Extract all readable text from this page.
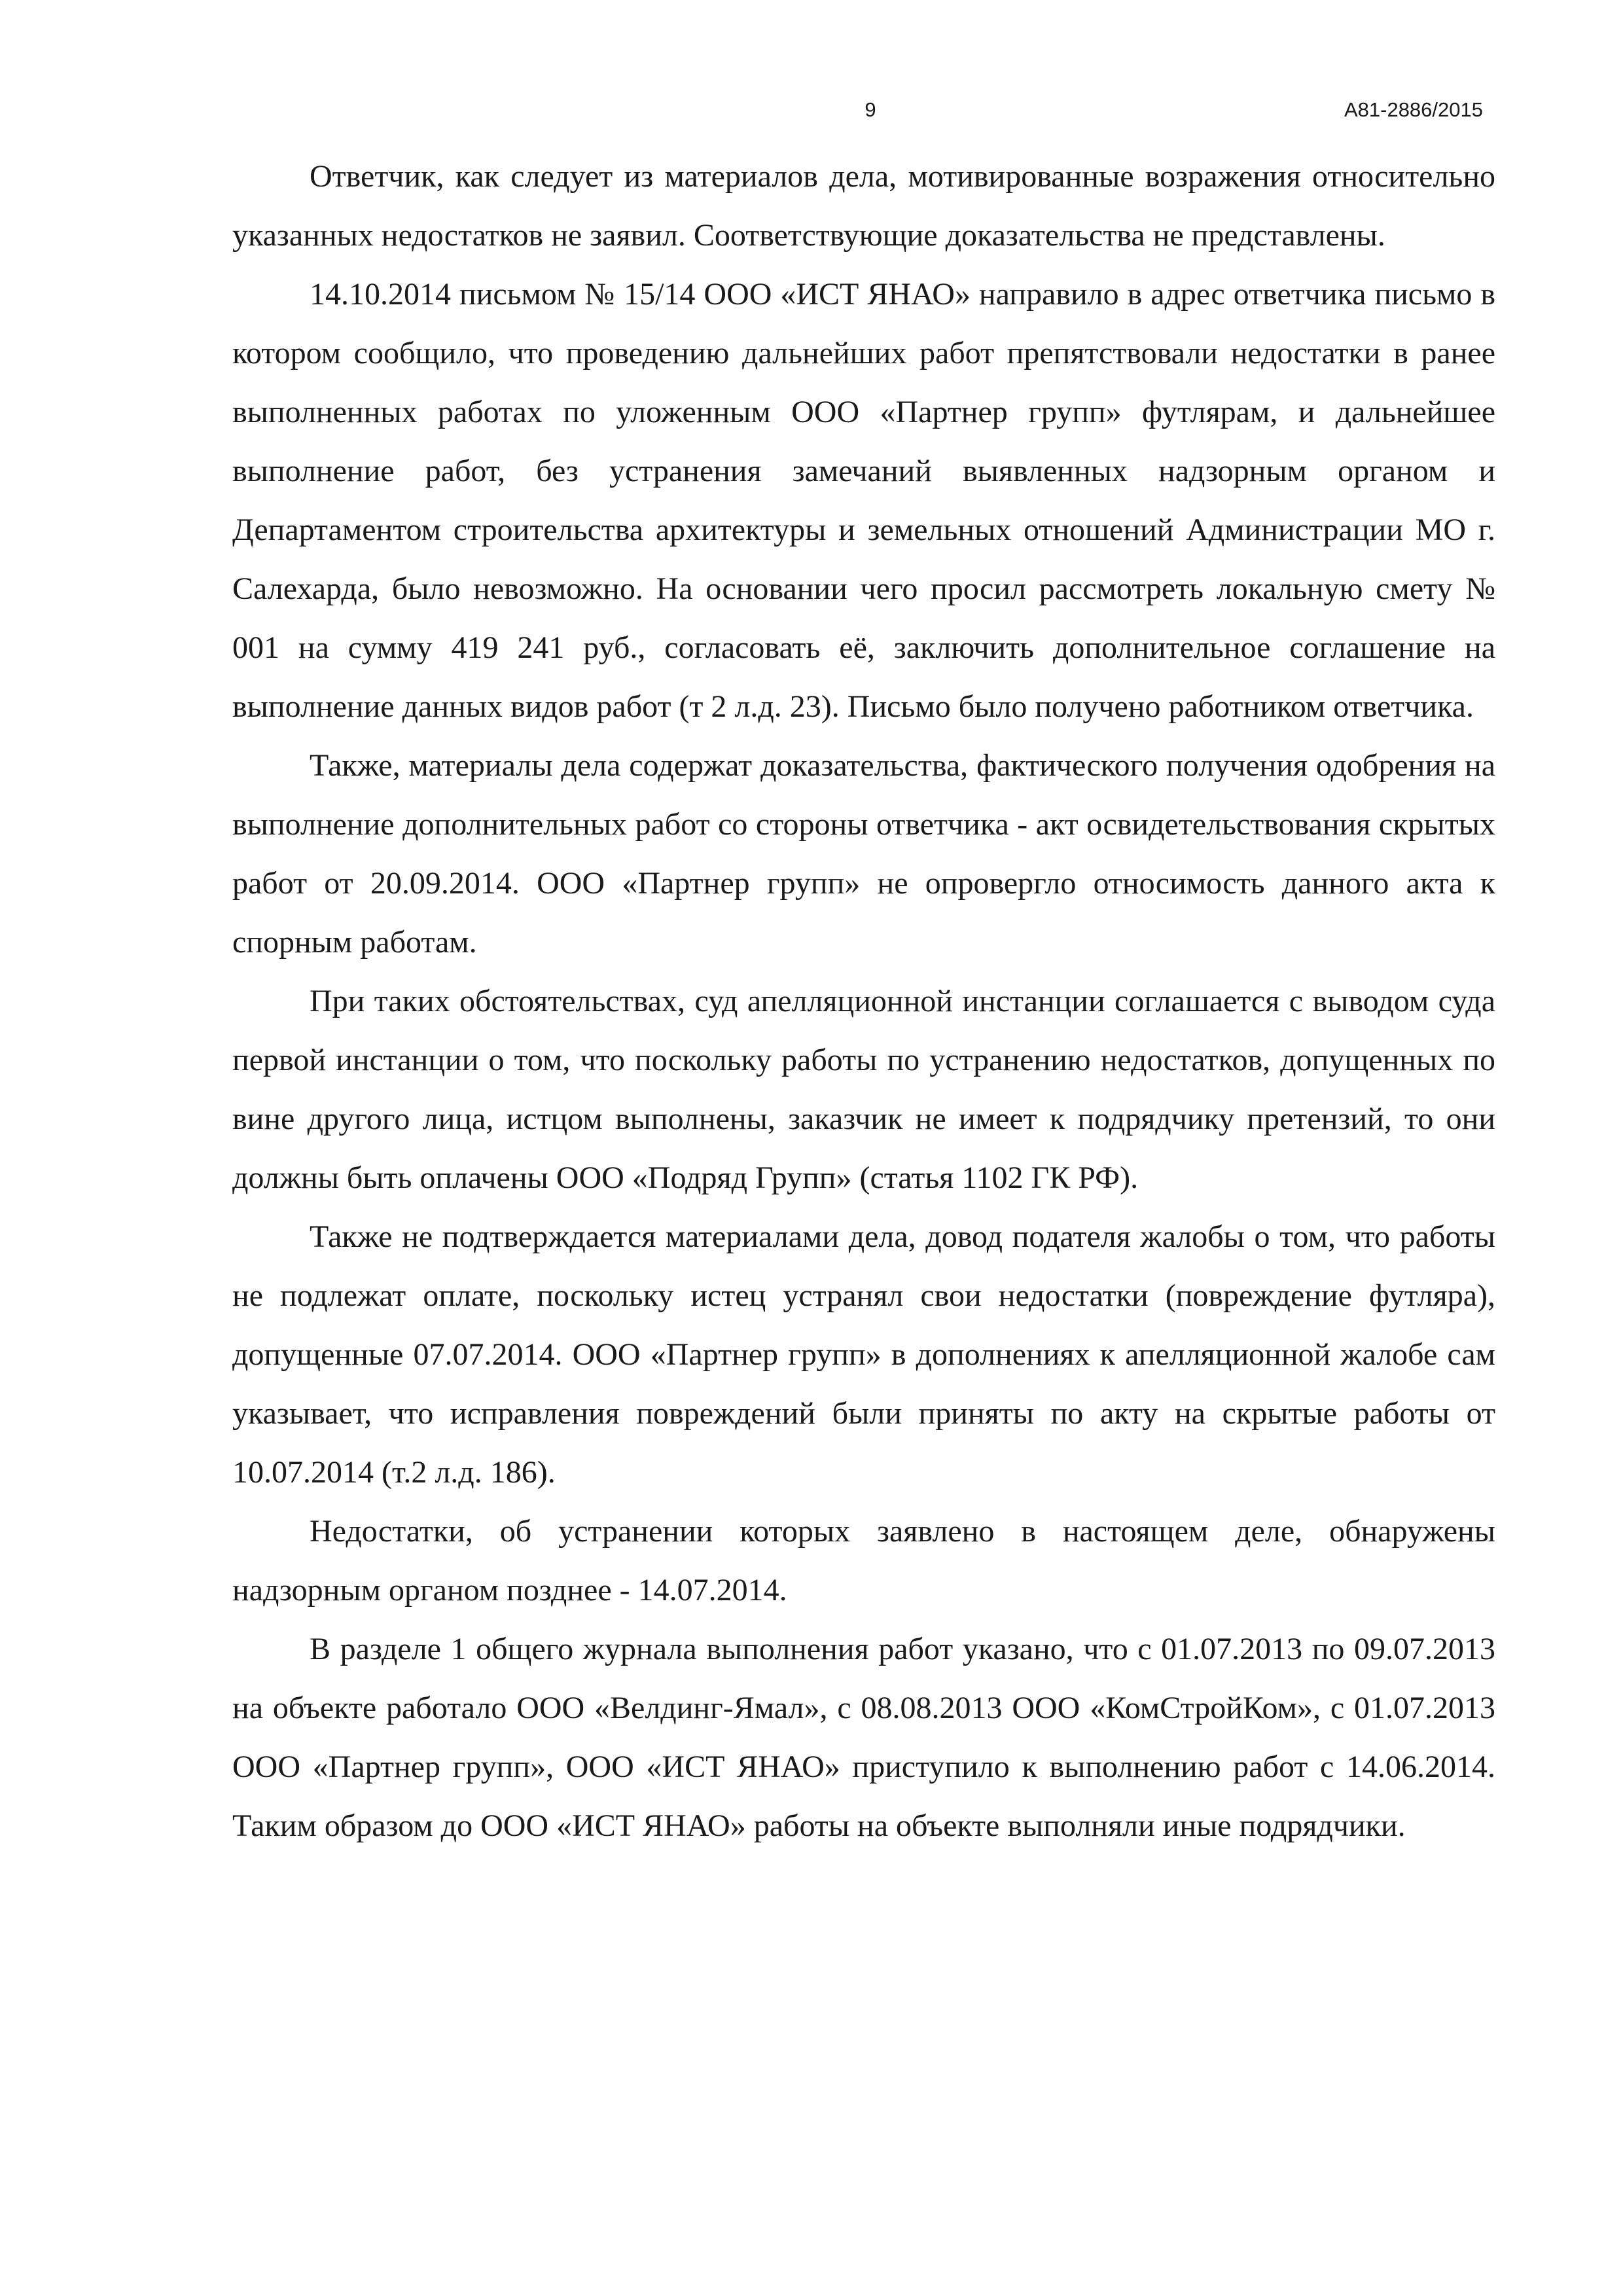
9	А81-2886/2015

Ответчик, как следует из материалов дела, мотивированные возражения относительно указанных недостатков не заявил. Соответствующие доказательства не представлены.

14.10.2014 письмом № 15/14 ООО «ИСТ ЯНАО» направило в адрес ответчика письмо в котором сообщило, что проведению дальнейших работ препятствовали недостатки в ранее выполненных работах по уложенным ООО «Партнер групп» футлярам, и дальнейшее выполнение работ, без устранения замечаний выявленных надзорным органом и Департаментом строительства архитектуры и земельных отношений Администрации МО г. Салехарда, было невозможно. На основании чего просил рассмотреть локальную смету № 001 на сумму 419 241 руб., согласовать её, заключить дополнительное соглашение на выполнение данных видов работ (т 2 л.д. 23). Письмо было получено работником ответчика.

Также, материалы дела содержат доказательства, фактического получения одобрения на выполнение дополнительных работ со стороны ответчика - акт освидетельствования скрытых работ от 20.09.2014. ООО «Партнер групп» не опровергло относимость данного акта к спорным работам.

При таких обстоятельствах, суд апелляционной инстанции соглашается с выводом суда первой инстанции о том, что поскольку работы по устранению недостатков, допущенных по вине другого лица, истцом выполнены, заказчик не имеет к подрядчику претензий, то они должны быть оплачены ООО «Подряд Групп» (статья 1102 ГК РФ).

Также не подтверждается материалами дела, довод подателя жалобы о том, что работы не подлежат оплате, поскольку истец устранял свои недостатки (повреждение футляра), допущенные 07.07.2014. ООО «Партнер групп» в дополнениях к апелляционной жалобе сам указывает, что исправления повреждений были приняты по акту на скрытые работы от 10.07.2014 (т.2 л.д. 186).

Недостатки, об устранении которых заявлено в настоящем деле, обнаружены надзорным органом позднее - 14.07.2014.

В разделе 1 общего журнала выполнения работ указано, что с 01.07.2013 по 09.07.2013 на объекте работало ООО «Велдинг-Ямал», с 08.08.2013 ООО «КомСтройКом», с 01.07.2013 ООО «Партнер групп», ООО «ИСТ ЯНАО» приступило к выполнению работ с 14.06.2014. Таким образом до ООО «ИСТ ЯНАО» работы на объекте выполняли иные подрядчики.
